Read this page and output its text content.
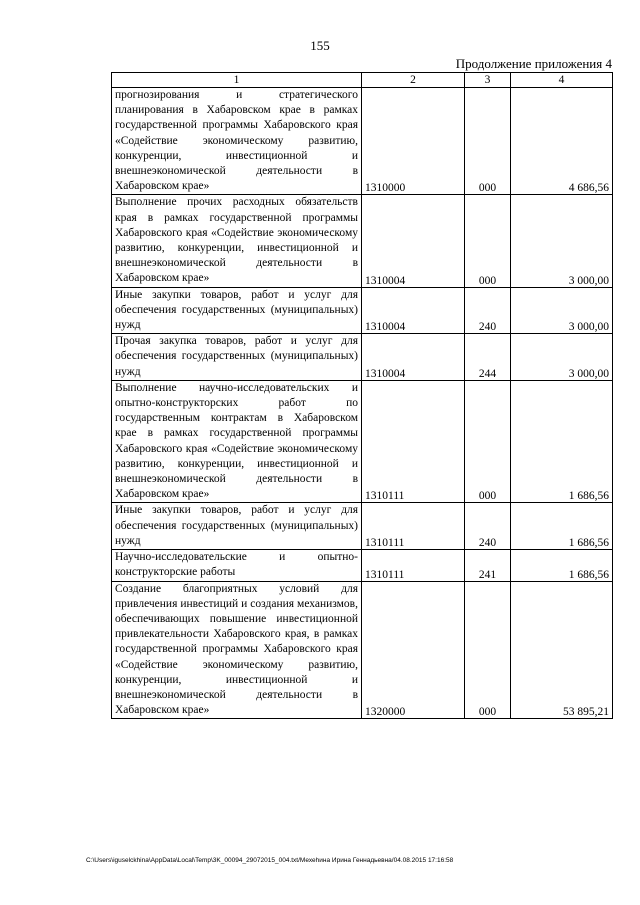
155
Продолжение приложения 4
1	2	3	4
прогнозирования и стратегического планирования в Хабаровском крае в рамках государственной программы Хабаровского края «Содействие экономическому развитию, конкуренции, инвестиционной и внешнеэкономической деятельности в Хабаровском крае»	1310000	000	4 686,56
Выполнение прочих расходных обязательств края в рамках государственной программы Хабаровского края «Содействие экономическому развитию, конкуренции, инвестиционной и внешнеэкономической деятельности в Хабаровском крае»	1310004	000	3 000,00
Иные закупки товаров, работ и услуг для обеспечения государственных (муниципальных) нужд	1310004	240	3 000,00
Прочая закупка товаров, работ и услуг для обеспечения государственных (муниципальных) нужд	1310004	244	3 000,00
Выполнение научно-исследовательских и опытно-конструкторских работ по государственным контрактам в Хабаровском крае в рамках государственной программы Хабаровского края «Содействие экономическому развитию, конкуренции, инвестиционной и внешнеэкономической деятельности в Хабаровском крае»	1310111	000	1 686,56
Иные закупки товаров, работ и услуг для обеспечения государственных (муниципальных) нужд	1310111	240	1 686,56
Научно-исследовательские и опытно-конструкторские работы	1310111	241	1 686,56
Создание благоприятных условий для привлечения инвестиций и создания механизмов, обеспечивающих повышение инвестиционной привлекательности Хабаровского края, в рамках государственной программы Хабаровского края «Содействие экономическому развитию, конкуренции, инвестиционной и внешнеэкономической деятельности в Хабаровском крае»	1320000	000	53 895,21
C:\Users\iguselckhina\AppData\Local\Temp\3K_00094_29072015_004.txt/Мехеhина Ирина Геннадьевна/04.08.2015 17:16:58
